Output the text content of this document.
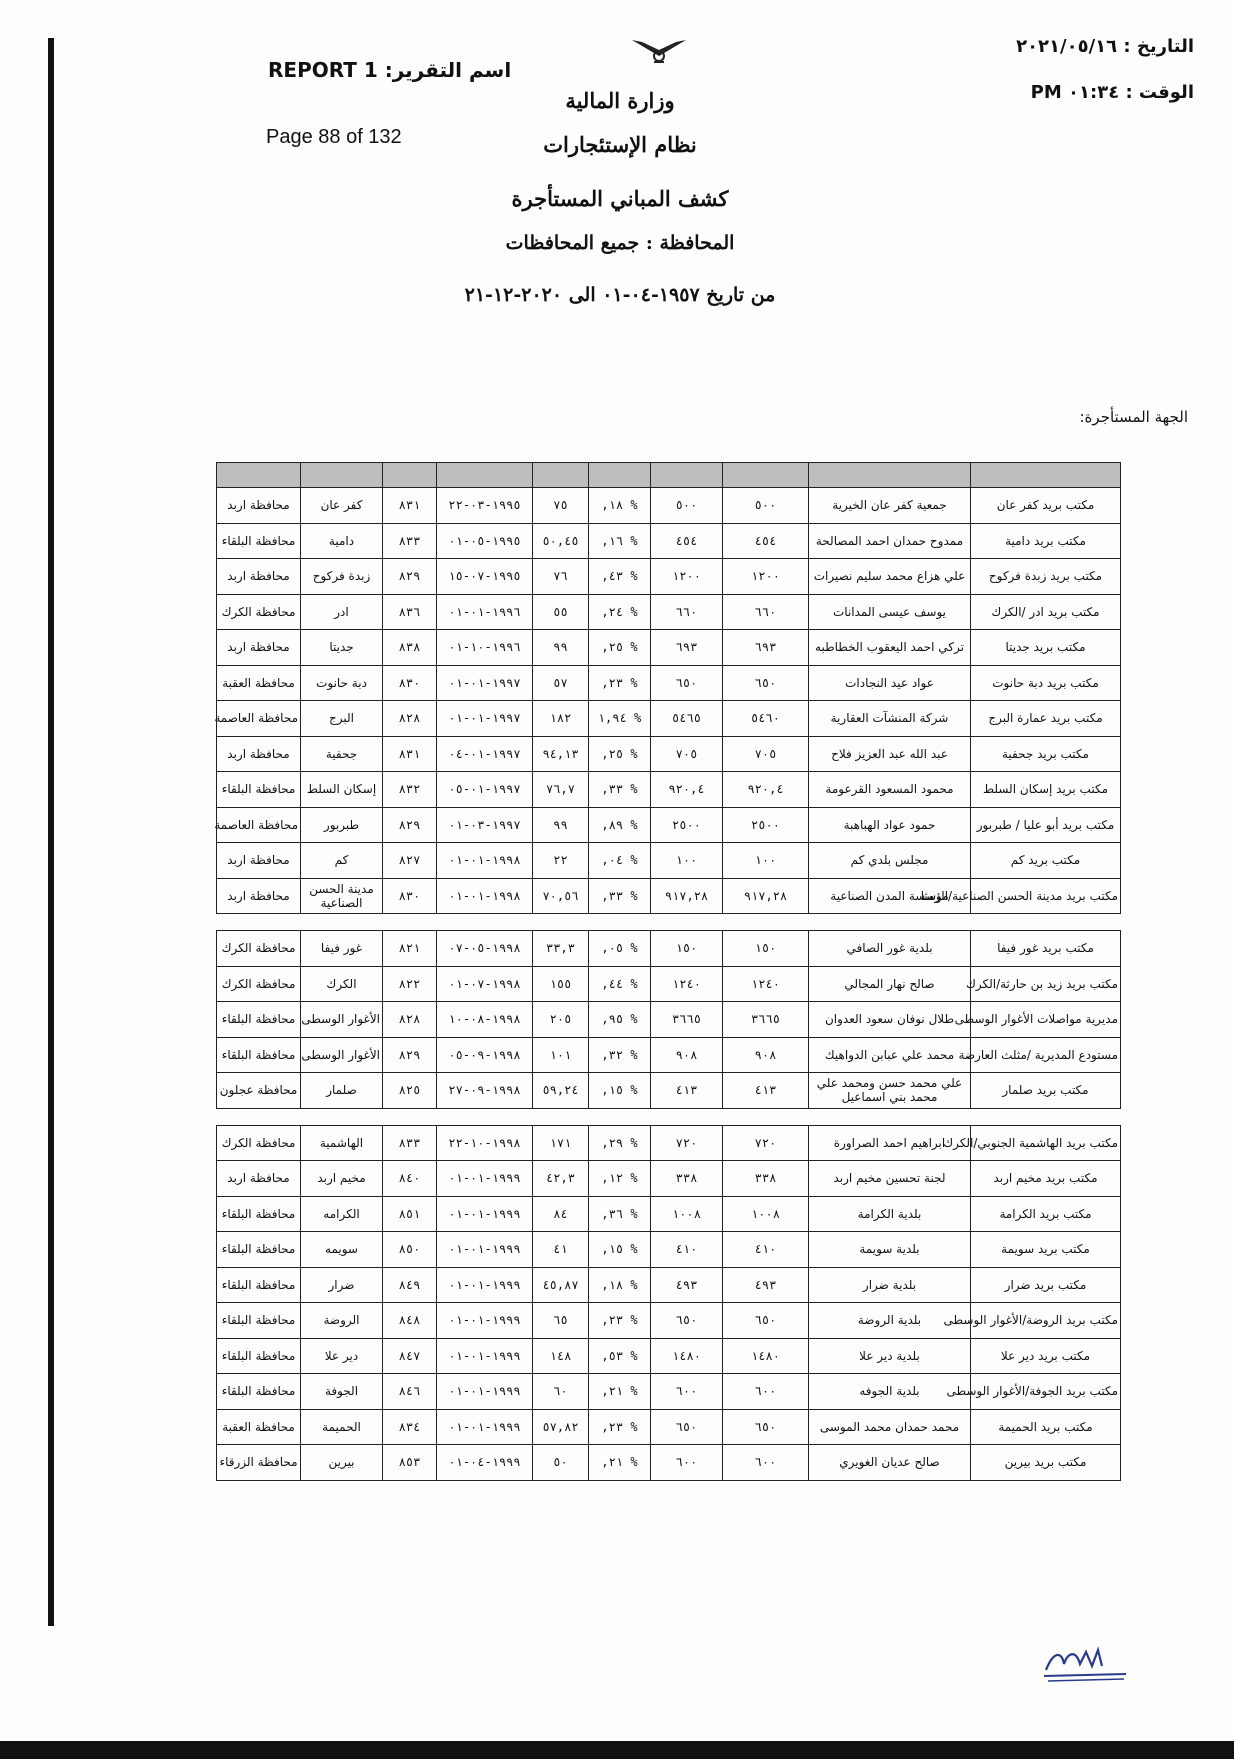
اسم التقرير: REPORT 1
Page 88 of 132
التاريخ : ٢٠٢١/٠٥/١٦
الوقت : ٠١:٣٤ PM
وزارة المالية
نظام الإستئجارات
كشف المباني المستأجرة
المحافظة : جميع المحافظات
من تاريخ ١٩٥٧-٠٤-٠١ الى ٢٠٢٠-١٢-٢١
الجهة المستأجرة:

مكتب بريد كفر عان	جمعية كفر عان الخيرية	٥٠٠	٥٠٠	% ١٨,	٧٥	١٩٩٥-٠٣-٢٢	٨٣١	كفر عان	محافظة اربد
مكتب بريد دامية	ممدوح حمدان احمد المصالحة	٤٥٤	٤٥٤	% ١٦,	٥٠,٤٥	١٩٩٥-٠٥-٠١	٨٣٣	دامية	محافظة البلقاء
مكتب بريد زبدة فركوح	علي هزاع محمد سليم نصيرات	١٢٠٠	١٢٠٠	% ٤٣,	٧٦	١٩٩٥-٠٧-١٥	٨٢٩	زبدة فركوح	محافظة اربد
مكتب بريد ادر /الكرك	يوسف عيسى المدانات	٦٦٠	٦٦٠	% ٢٤,	٥٥	١٩٩٦-٠١-٠١	٨٣٦	ادر	محافظة الكرك
مكتب بريد جديتا	تركي احمد اليعقوب الخطاطبه	٦٩٣	٦٩٣	% ٢٥,	٩٩	١٩٩٦-١٠-٠١	٨٣٨	جديتا	محافظة اربد
مكتب بريد دبة حانوت	عواد عيد النجادات	٦٥٠	٦٥٠	% ٢٣,	٥٧	١٩٩٧-٠١-٠١	٨٣٠	دبة حانوت	محافظة العقبة
مكتب بريد عمارة البرج	شركة المنشآت العقارية	٥٤٦٠	٥٤٦٥	% ١,٩٤	١٨٢	١٩٩٧-٠١-٠١	٨٢٨	البرج	محافظة العاصمة
مكتب بريد جحفية	عبد الله عبد العزيز فلاح	٧٠٥	٧٠٥	% ٢٥,	٩٤,١٣	١٩٩٧-٠١-٠٤	٨٣١	جحفية	محافظة اربد
مكتب بريد إسكان السلط	محمود المسعود القرعومة	٩٢٠,٤	٩٢٠,٤	% ٣٣,	٧٦,٧	١٩٩٧-٠١-٠٥	٨٣٢	إسكان السلط	محافظة البلقاء
مكتب بريد أبو عليا / طبربور	حمود عواد الهباهبة	٢٥٠٠	٢٥٠٠	% ٨٩,	٩٩	١٩٩٧-٠٣-٠١	٨٢٩	طبربور	محافظة العاصمة
مكتب بريد كم	مجلس بلدي كم	١٠٠	١٠٠	% ٠٤,	٢٢	١٩٩٨-٠١-٠١	٨٢٧	كم	محافظة اربد
مكتب بريد مدينة الحسن الصناعية/الرمثا	مؤسسة المدن الصناعية	٩١٧,٢٨	٩١٧,٢٨	% ٣٣,	٧٠,٥٦	١٩٩٨-٠١-٠١	٨٣٠	مدينة الحسن الصناعية	محافظة اربد

مكتب بريد غور فيفا	بلدية غور الصافي	١٥٠	١٥٠	% ٠٥,	٣٣,٣	١٩٩٨-٠٥-٠٧	٨٢١	غور فيفا	محافظة الكرك
مكتب بريد زيد بن حارثة/الكرك	صالح نهار المجالي	١٢٤٠	١٢٤٠	% ٤٤,	١٥٥	١٩٩٨-٠٧-٠١	٨٢٢	الكرك	محافظة الكرك
مديرية مواصلات الأغوار الوسطى	طلال نوفان سعود العدوان	٣٦٦٥	٣٦٦٥	% ٩٥,	٢٠٥	١٩٩٨-٠٨-١٠	٨٢٨	الأغوار الوسطى	محافظة البلقاء
مستودع المديرية /مثلث العارضة	محمد علي عبابن الدواهيك	٩٠٨	٩٠٨	% ٣٢,	١٠١	١٩٩٨-٠٩-٠٥	٨٢٩	الأغوار الوسطى	محافظة البلقاء
مكتب بريد صلمار	علي محمد حسن ومحمد علي محمد بني اسماعيل	٤١٣	٤١٣	% ١٥,	٥٩,٢٤	١٩٩٨-٠٩-٢٧	٨٢٥	صلمار	محافظة عجلون

مكتب بريد الهاشمية الجنوبي/الكرك	ابراهيم احمد الصراورة	٧٢٠	٧٢٠	% ٢٩,	١٧١	١٩٩٨-١٠-٢٢	٨٣٣	الهاشمية	محافظة الكرك
مكتب بريد مخيم اربد	لجنة تحسين مخيم اربد	٣٣٨	٣٣٨	% ١٢,	٤٢,٣	١٩٩٩-٠١-٠١	٨٤٠	مخيم اربد	محافظة اربد
مكتب بريد الكرامة	بلدية الكرامة	١٠٠٨	١٠٠٨	% ٣٦,	٨٤	١٩٩٩-٠١-٠١	٨٥١	الكرامه	محافظة البلقاء
مكتب بريد سويمة	بلدية سويمة	٤١٠	٤١٠	% ١٥,	٤١	١٩٩٩-٠١-٠١	٨٥٠	سويمه	محافظة البلقاء
مكتب بريد ضرار	بلدية ضرار	٤٩٣	٤٩٣	% ١٨,	٤٥,٨٧	١٩٩٩-٠١-٠١	٨٤٩	ضرار	محافظة البلقاء
مكتب بريد الروضة/الأغوار الوسطى	بلدية الروضة	٦٥٠	٦٥٠	% ٢٣,	٦٥	١٩٩٩-٠١-٠١	٨٤٨	الروضة	محافظة البلقاء
مكتب بريد دير علا	بلدية دير علا	١٤٨٠	١٤٨٠	% ٥٣,	١٤٨	١٩٩٩-٠١-٠١	٨٤٧	دير علا	محافظة البلقاء
مكتب بريد الجوفة/الأغوار الوسطى	بلدية الجوفه	٦٠٠	٦٠٠	% ٢١,	٦٠	١٩٩٩-٠١-٠١	٨٤٦	الجوفة	محافظة البلقاء
مكتب بريد الحميمة	محمد حمدان محمد الموسى	٦٥٠	٦٥٠	% ٢٣,	٥٧,٨٢	١٩٩٩-٠١-٠١	٨٣٤	الحميمة	محافظة العقبة
مكتب بريد بيرين	صالح عديان الغويري	٦٠٠	٦٠٠	% ٢١,	٥٠	١٩٩٩-٠٤-٠١	٨٥٣	بيرين	محافظة الزرقاء
